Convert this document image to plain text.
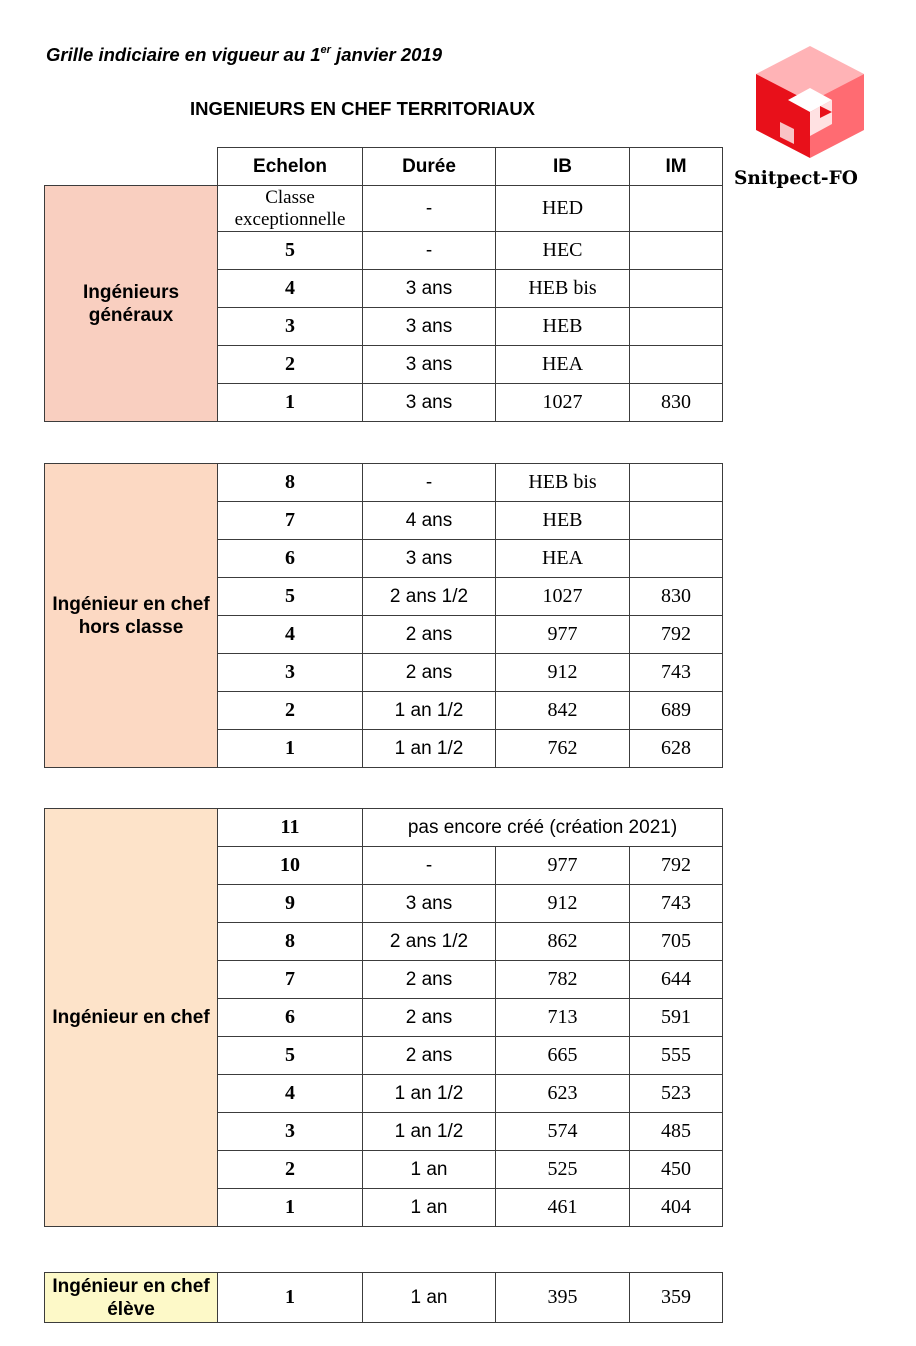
Grille indiciaire en vigueur au 1er janvier 2019
INGENIEURS EN CHEF TERRITORIAUX
Snitpect-FO
	Echelon	Durée	IB	IM
Ingénieurs généraux	Classe exceptionnelle	-	HED	
	5	-	HEC	
	4	3 ans	HEB bis	
	3	3 ans	HEB	
	2	3 ans	HEA	
	1	3 ans	1027	830
Ingénieur en chef hors classe	8	-	HEB bis	
	7	4 ans	HEB	
	6	3 ans	HEA	
	5	2 ans 1/2	1027	830
	4	2 ans	977	792
	3	2 ans	912	743
	2	1 an 1/2	842	689
	1	1 an 1/2	762	628
Ingénieur en chef	11	pas encore créé (création 2021)		
	10	-	977	792
	9	3 ans	912	743
	8	2 ans 1/2	862	705
	7	2 ans	782	644
	6	2 ans	713	591
	5	2 ans	665	555
	4	1 an 1/2	623	523
	3	1 an 1/2	574	485
	2	1 an	525	450
	1	1 an	461	404
Ingénieur en chef élève	1	1 an	395	359
